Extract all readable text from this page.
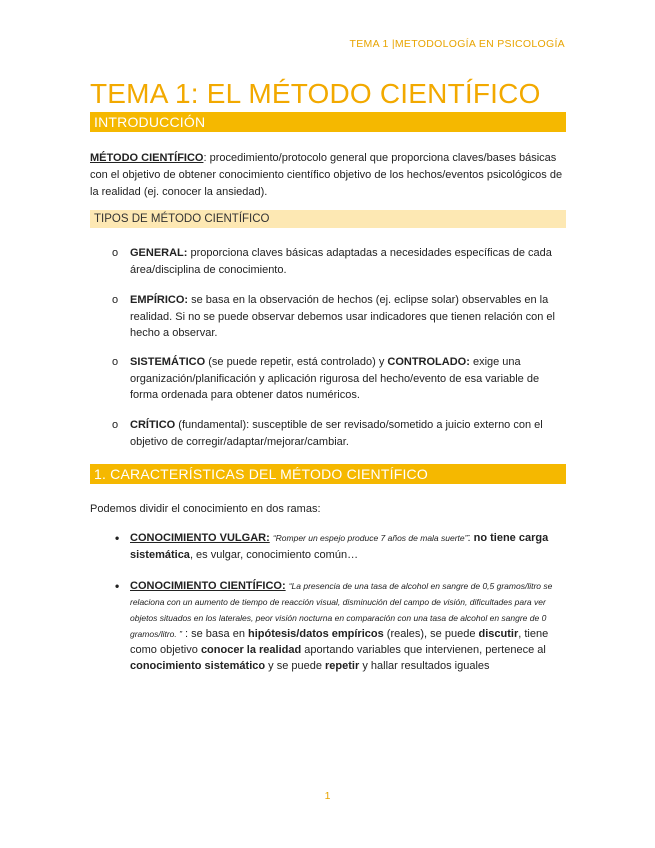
TEMA 1 |METODOLOGÍA EN PSICOLOGÍA
TEMA 1: EL MÉTODO CIENTÍFICO
INTRODUCCIÓN
MÉTODO CIENTÍFICO: procedimiento/protocolo general que proporciona claves/bases básicas con el objetivo de obtener conocimiento científico objetivo de los hechos/eventos psicológicos de la realidad (ej. conocer la ansiedad).
TIPOS DE MÉTODO CIENTÍFICO
o GENERAL: proporciona claves básicas adaptadas a necesidades específicas de cada área/disciplina de conocimiento.
o EMPÍRICO: se basa en la observación de hechos (ej. eclipse solar) observables en la realidad. Si no se puede observar debemos usar indicadores que tienen relación con el hecho a observar.
o SISTEMÁTICO (se puede repetir, está controlado) y CONTROLADO: exige una organización/planificación y aplicación rigurosa del hecho/evento de esa variable de forma ordenada para obtener datos numéricos.
o CRÍTICO (fundamental): susceptible de ser revisado/sometido a juicio externo con el objetivo de corregir/adaptar/mejorar/cambiar.
1. CARACTERÍSTICAS DEL MÉTODO CIENTÍFICO
Podemos dividir el conocimiento en dos ramas:
• CONOCIMIENTO VULGAR: “Romper un espejo produce 7 años de mala suerte”: no tiene carga sistemática, es vulgar, conocimiento común…
• CONOCIMIENTO CIENTÍFICO: “La presencia de una tasa de alcohol en sangre de 0,5 gramos/litro se relaciona con un aumento de tiempo de reacción visual, disminución del campo de visión, dificultades para ver objetos situados en los laterales, peor visión nocturna en comparación con una tasa de alcohol en sangre de 0 gramos/litro. ” : se basa en hipótesis/datos empíricos (reales), se puede discutir, tiene como objetivo conocer la realidad aportando variables que intervienen, pertenece al conocimiento sistemático y se puede repetir y hallar resultados iguales
1
